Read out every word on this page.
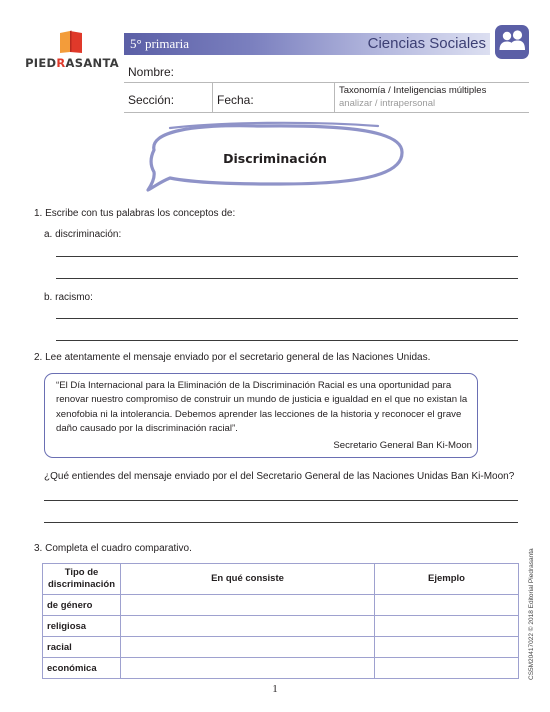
PIEDRASANTA
5° primaria	Ciencias Sociales
Nombre:
Sección:	Fecha:
Taxonomía / Inteligencias múltiples
analizar / intrapersonal
Discriminación
1. Escribe con tus palabras los conceptos de:
a. discriminación:
b. racismo:
2. Lee atentamente el mensaje enviado por el secretario general de las Naciones Unidas.
“El Día Internacional para la Eliminación de la Discriminación Racial es una oportunidad para renovar nuestro compromiso de construir un mundo de justicia e igualdad en el que no existan la xenofobia ni la intolerancia. Debemos aprender las lecciones de la historia y reconocer el grave daño causado por la discriminación racial”.
Secretario General Ban Ki-Moon
¿Qué entiendes del mensaje enviado por el del Secretario General de las Naciones Unidas Ban Ki-Moon?
3. Completa el cuadro comparativo.
Tipo de discriminación	En qué consiste	Ejemplo
de género		
religiosa		
racial		
económica		
1
CS5M20417022 © 2018 Editorial Piedrasanta
